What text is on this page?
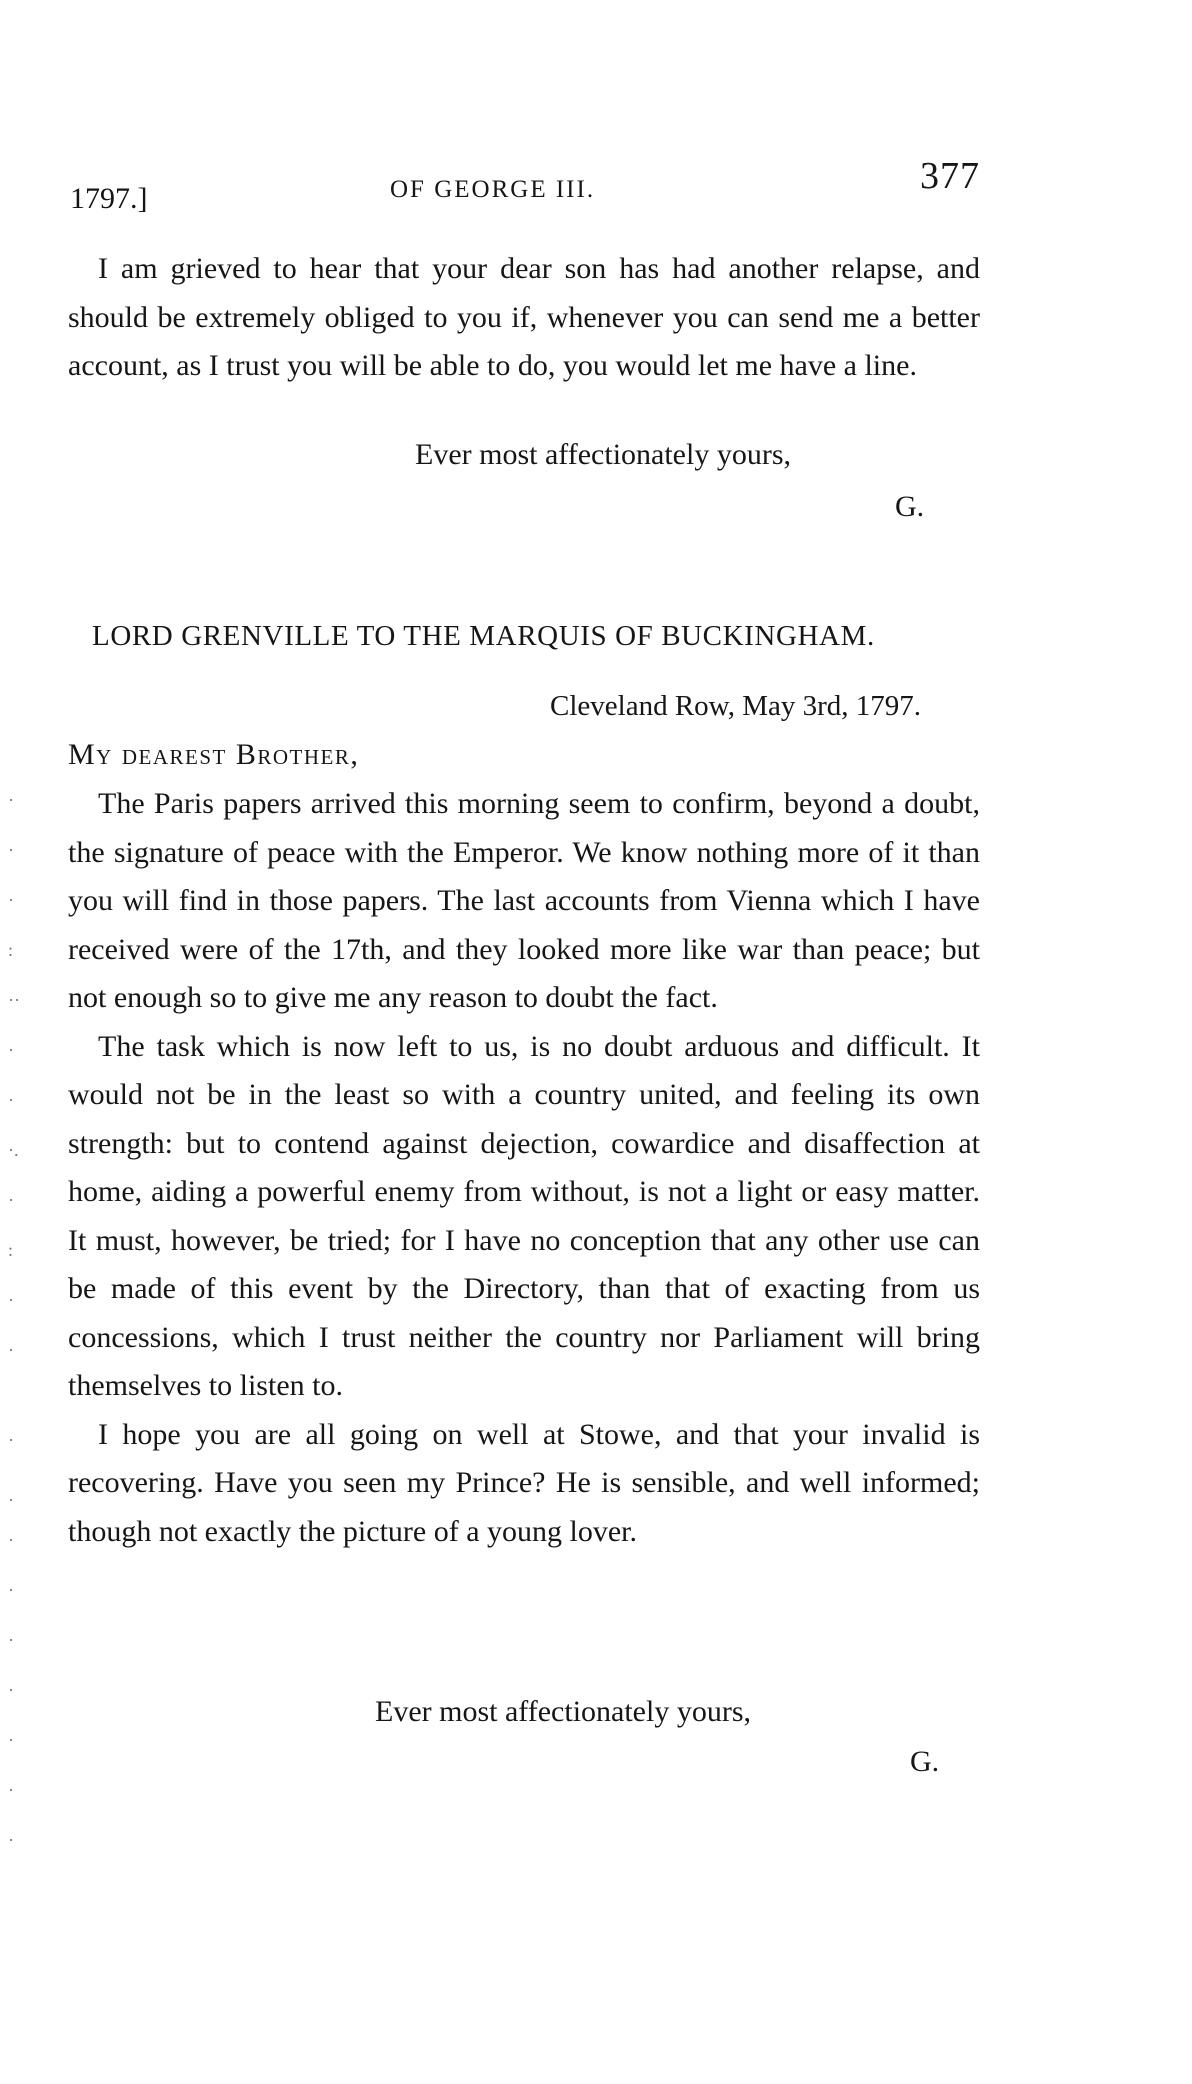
1797.]	OF GEORGE III.	377

I am grieved to hear that your dear son has had another relapse, and should be extremely obliged to you if, whenever you can send me a better account, as I trust you will be able to do, you would let me have a line.

Ever most affectionately yours,
G.
LORD GRENVILLE TO THE MARQUIS OF BUCKINGHAM.
Cleveland Row, May 3rd, 1797.
My dearest Brother,

The Paris papers arrived this morning seem to confirm, beyond a doubt, the signature of peace with the Emperor. We know nothing more of it than you will find in those papers. The last accounts from Vienna which I have received were of the 17th, and they looked more like war than peace; but not enough so to give me any reason to doubt the fact.

The task which is now left to us, is no doubt arduous and difficult. It would not be in the least so with a country united, and feeling its own strength: but to contend against dejection, cowardice and disaffection at home, aiding a powerful enemy from without, is not a light or easy matter. It must, however, be tried; for I have no conception that any other use can be made of this event by the Directory, than that of exacting from us concessions, which I trust neither the country nor Parliament will bring themselves to listen to.

I hope you are all going on well at Stowe, and that your invalid is recovering. Have you seen my Prince? He is sensible, and well informed; though not exactly the picture of a young lover.

Ever most affectionately yours,
G.
·
·
·
:
··
·
·
·.
·
:
·
·
·
·
·
·
·
·
·
·
·
